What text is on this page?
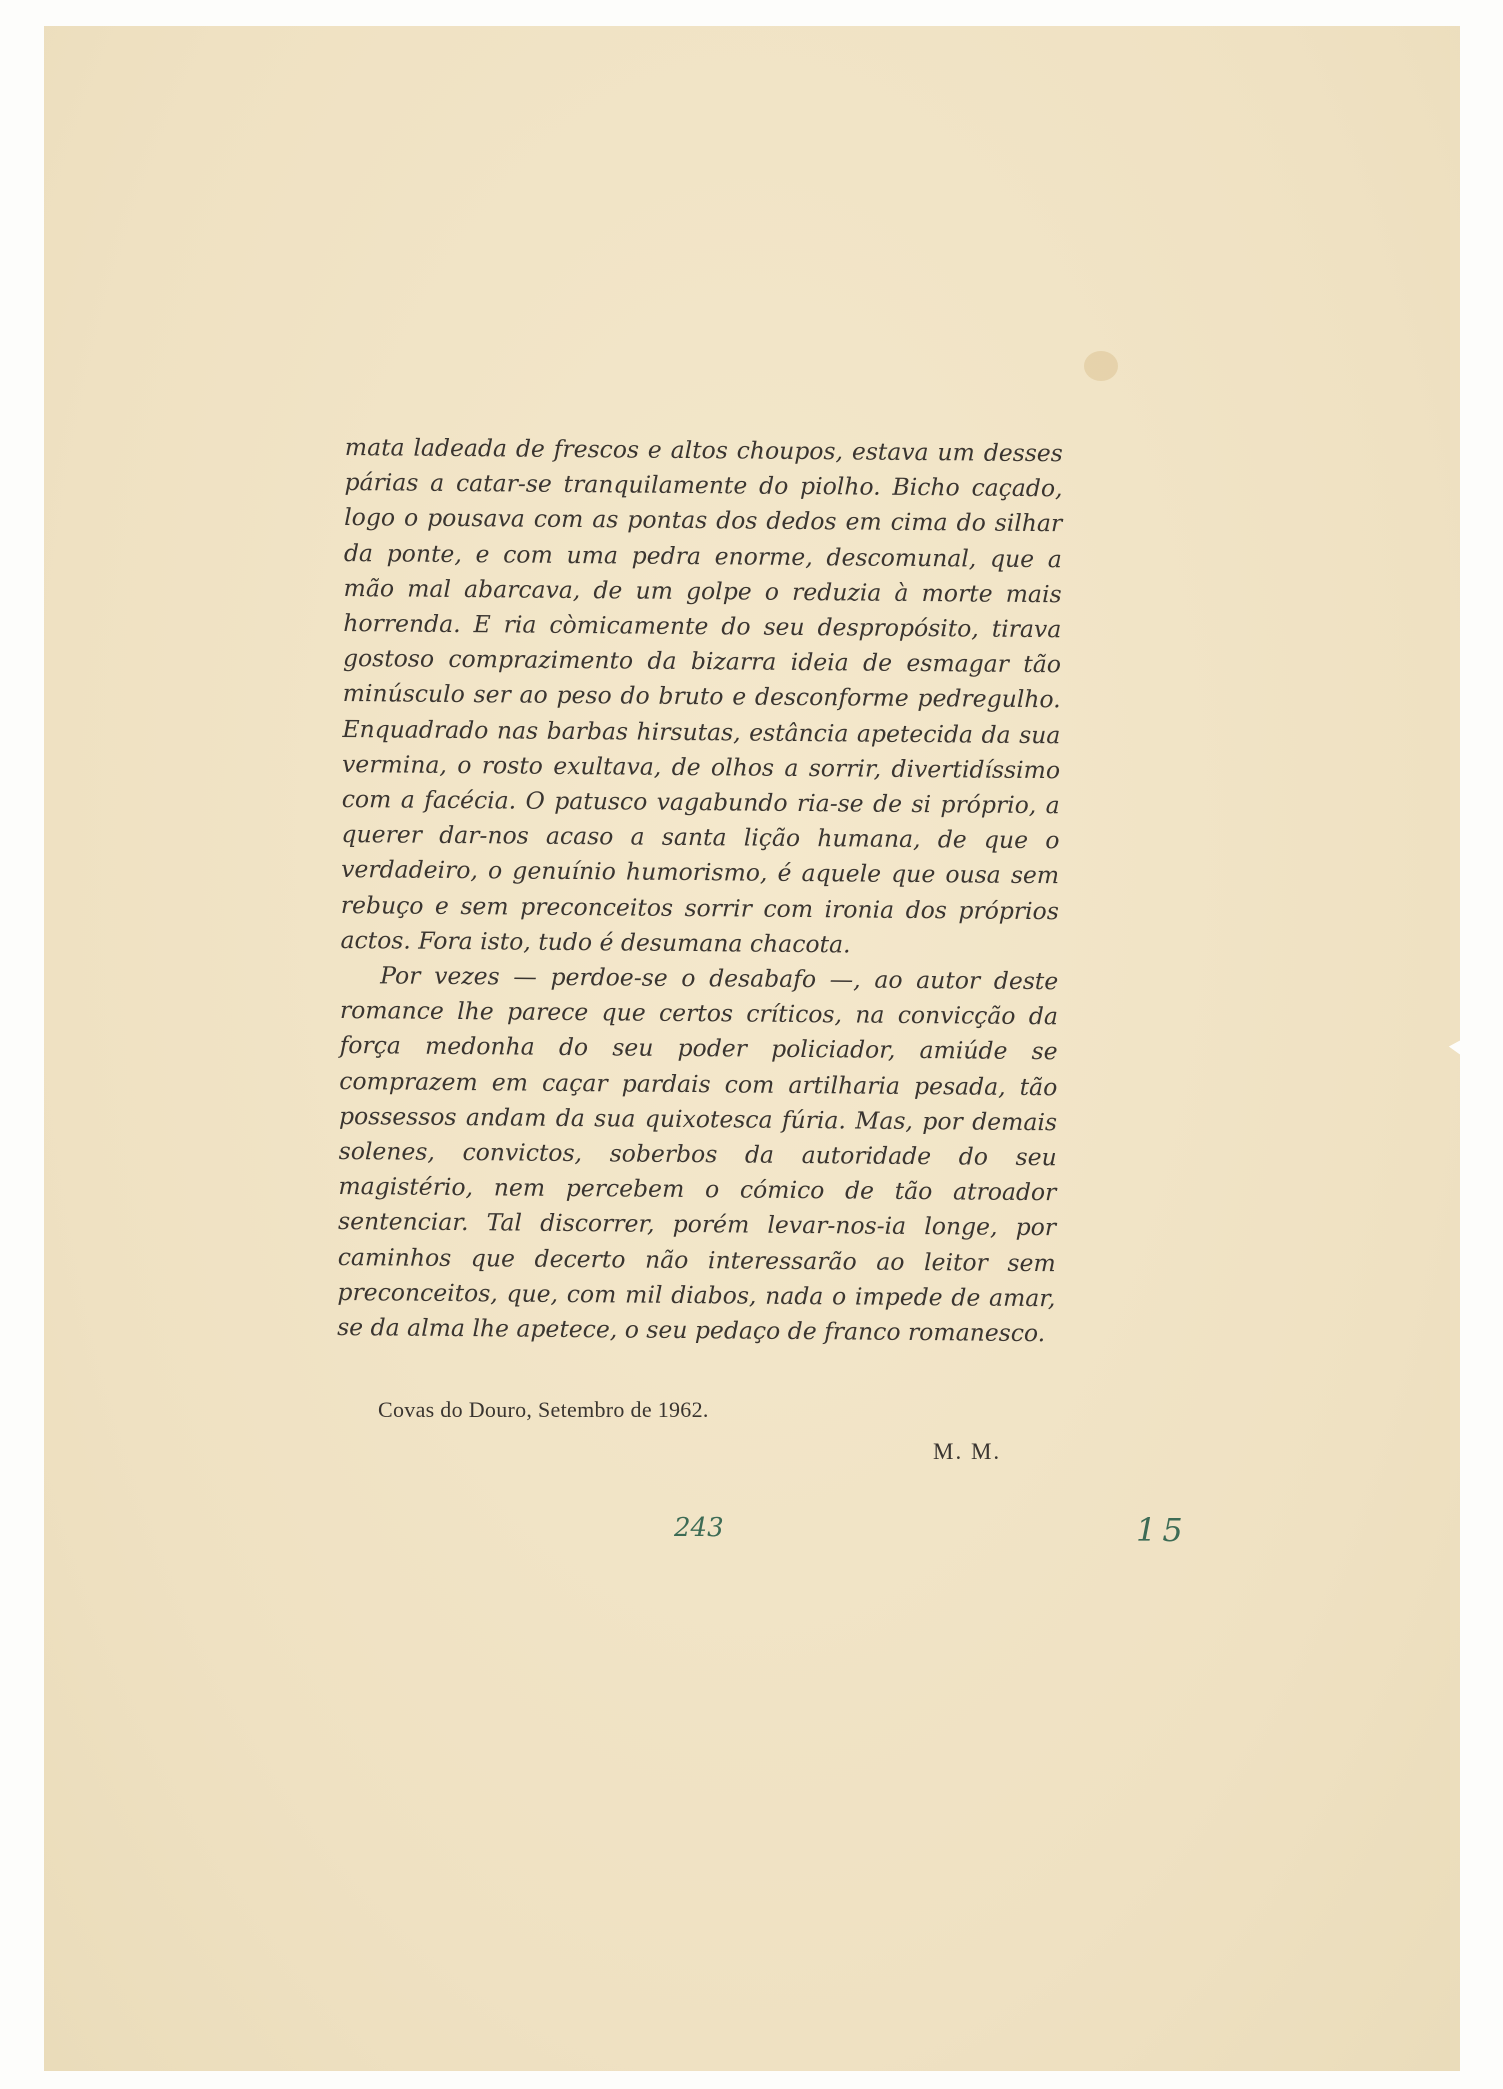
mata ladeada de frescos e altos choupos, estava um desses párias a catar-se tranquilamente do piolho. Bicho caçado, logo o pousava com as pontas dos dedos em cima do silhar da ponte, e com uma pedra enorme, descomunal, que a mão mal abarcava, de um golpe o reduzia à morte mais horrenda. E ria còmicamente do seu despropósito, tirava gostoso comprazimento da bizarra ideia de esmagar tão minúsculo ser ao peso do bruto e desconforme pedregulho. Enquadrado nas barbas hirsutas, estância apetecida da sua vermina, o rosto exultava, de olhos a sorrir, divertidíssimo com a facécia. O patusco vagabundo ria-se de si próprio, a querer dar-nos acaso a santa lição humana, de que o verdadeiro, o genuínio humorismo, é aquele que ousa sem rebuço e sem preconceitos sorrir com ironia dos próprios actos. Fora isto, tudo é desumana chacota.

Por vezes — perdoe-se o desabafo —, ao autor deste romance lhe parece que certos críticos, na convicção da força medonha do seu poder policiador, amiúde se comprazem em caçar pardais com artilharia pesada, tão possessos andam da sua quixotesca fúria. Mas, por demais solenes, convictos, soberbos da autoridade do seu magistério, nem percebem o cómico de tão atroador sentenciar. Tal discorrer, porém levar-nos-ia longe, por caminhos que decerto não interessarão ao leitor sem preconceitos, que, com mil diabos, nada o impede de amar, se da alma lhe apetece, o seu pedaço de franco romanesco.

Covas do Douro, Setembro de 1962.
M. M.
243	15
